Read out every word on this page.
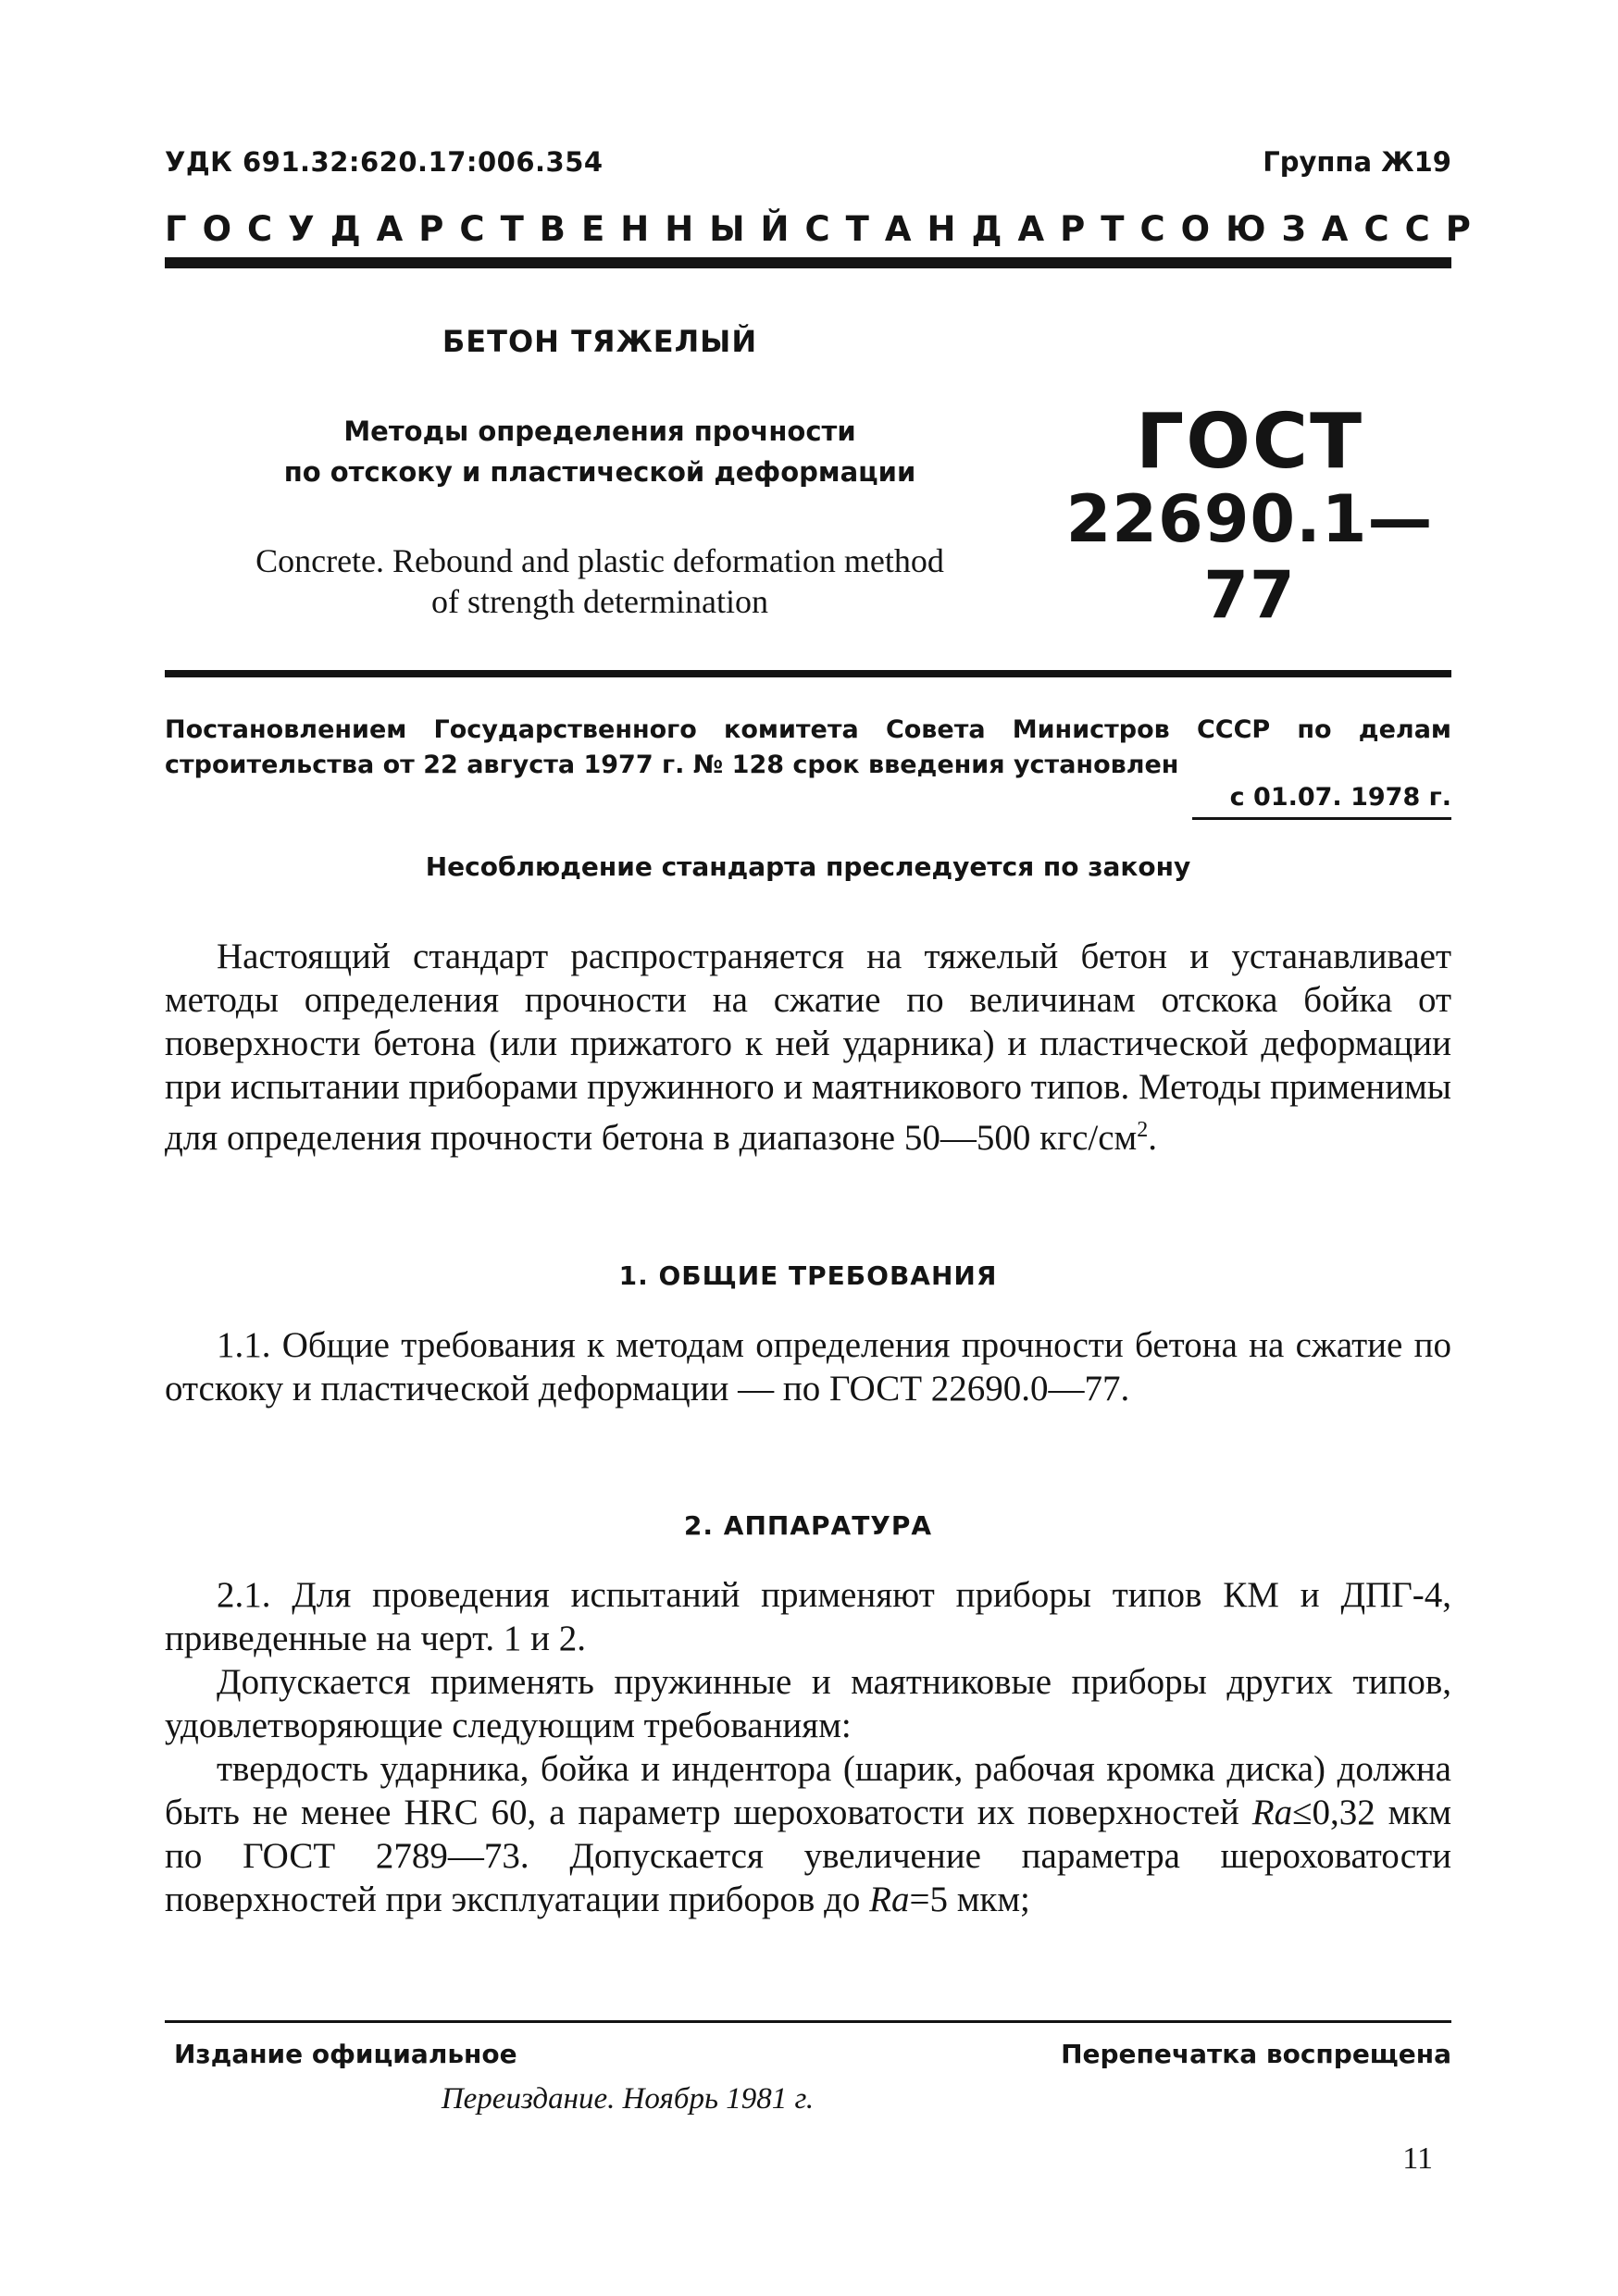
УДК 691.32:620.17:006.354	Группа Ж19
ГОСУДАРСТВЕННЫЙ СТАНДАРТ СОЮЗА ССР
БЕТОН ТЯЖЕЛЫЙ
Методы определения прочности
по отскоку и пластической деформации
Concrete. Rebound and plastic deformation method
of strength determination
ГОСТ
22690.1—77
Постановлением Государственного комитета Совета Министров СССР по делам строительства от 22 августа 1977 г. № 128 срок введения установлен
с 01.07. 1978 г.
Несоблюдение стандарта преследуется по закону
Настоящий стандарт распространяется на тяжелый бетон и устанавливает методы определения прочности на сжатие по величинам отскока бойка от поверхности бетона (или прижатого к ней ударника) и пластической деформации при испытании приборами пружинного и маятникового типов. Методы применимы для определения прочности бетона в диапазоне 50—500 кгс/$см^2$.
1. ОБЩИЕ ТРЕБОВАНИЯ
1.1. Общие требования к методам определения прочности бетона на сжатие по отскоку и пластической деформации — по ГОСТ 22690.0—77.
2. АППАРАТУРА

2.1. Для проведения испытаний применяют приборы типов КМ и ДПГ-4, приведенные на черт. 1 и 2.

Допускается применять пружинные и маятниковые приборы других типов, удовлетворяющие следующим требованиям:

твердость ударника, бойка и индентора (шарик, рабочая кромка диска) должна быть не менее HRC 60, а параметр шероховатости их поверхностей Ra≤0,32 мкм по ГОСТ 2789—73. Допускается увеличение параметра шероховатости поверхностей при эксплуатации приборов до Ra=5 мкм;

Издание официальное	Перепечатка воспрещена
Переиздание. Ноябрь 1981 г.
11
